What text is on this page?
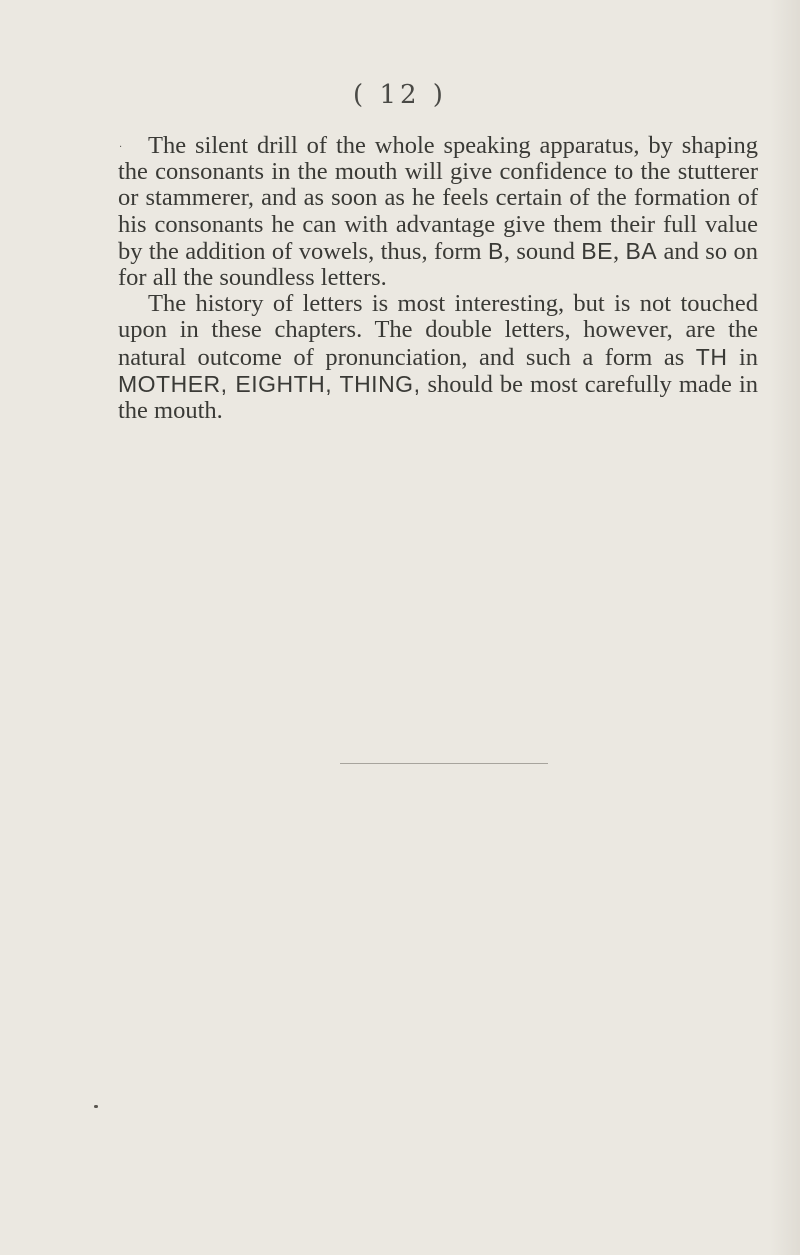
( 12 )
·	The silent drill of the whole speaking apparatus, by shaping the consonants in the mouth will give confidence to the stutterer or stammerer, and as soon as he feels certain of the formation of his consonants he can with advantage give them their full value by the addition of vowels, thus, form B, sound BE, BA and so on for all the soundless letters.

The history of letters is most interesting, but is not touched upon in these chapters. The double letters, however, are the natural outcome of pronunciation, and such a form as TH in MOTHER, EIGHTH, THING, should be most carefully made in the mouth.
